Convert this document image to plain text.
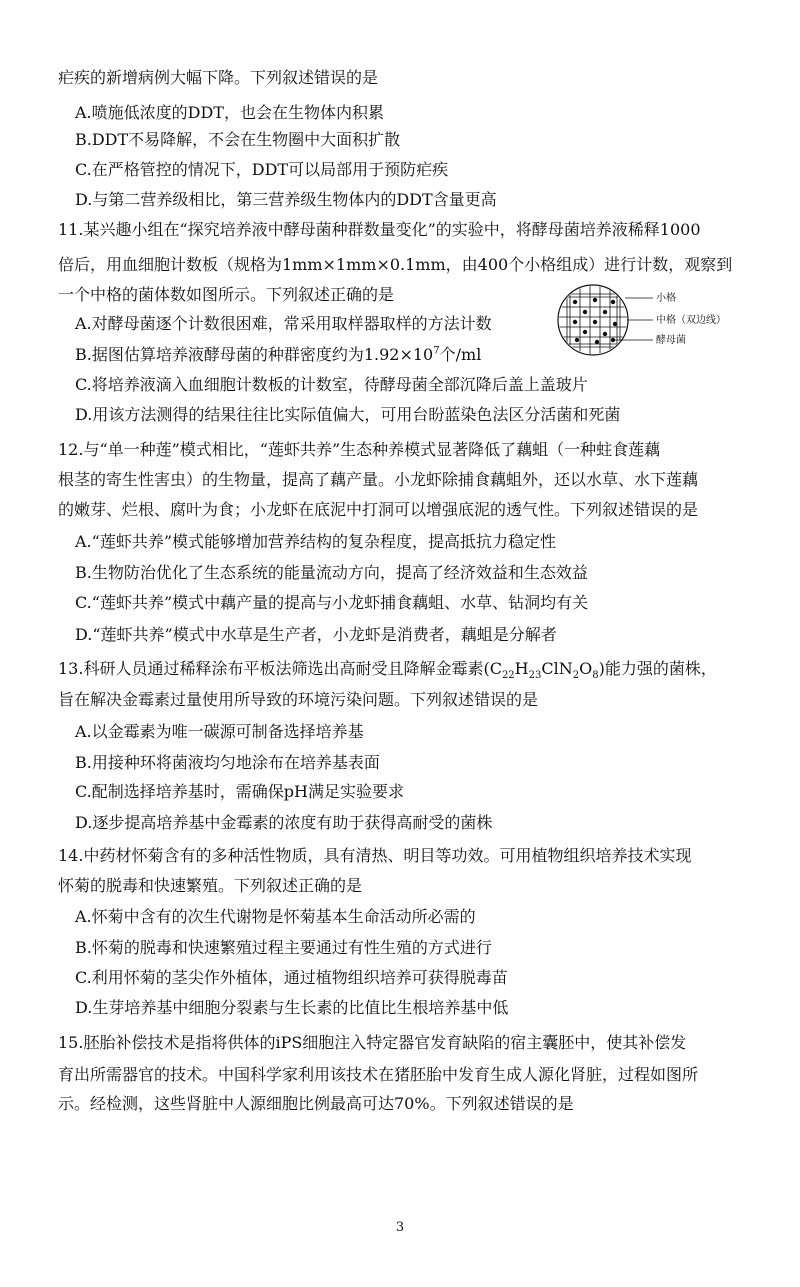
疟疾的新增病例大幅下降。下列叙述错误的是
A.喷施低浓度的DDT，也会在生物体内积累
B.DDT不易降解，不会在生物圈中大面积扩散
C.在严格管控的情况下，DDT可以局部用于预防疟疾
D.与第二营养级相比，第三营养级生物体内的DDT含量更高
11.某兴趣小组在“探究培养液中酵母菌种群数量变化”的实验中，将酵母菌培养液稀释1000
倍后，用血细胞计数板（规格为1mm×1mm×0.1mm，由400个小格组成）进行计数，观察到
一个中格的菌体数如图所示。下列叙述正确的是
A.对酵母菌逐个计数很困难，常采用取样器取样的方法计数
B.据图估算培养液酵母菌的种群密度约为$1.92\times 10^7$个/ml
C.将培养液滴入血细胞计数板的计数室，待酵母菌全部沉降后盖上盖玻片
D.用该方法测得的结果往往比实际值偏大，可用台盼蓝染色法区分活菌和死菌
小格
中格（双边线）
酵母菌
12.与“单一种莲”模式相比，“莲虾共养”生态种养模式显著降低了藕蛆（一种蛀食莲藕
根茎的寄生性害虫）的生物量，提高了藕产量。小龙虾除捕食藕蛆外，还以水草、水下莲藕
的嫩芽、烂根、腐叶为食；小龙虾在底泥中打洞可以增强底泥的透气性。下列叙述错误的是
A.“莲虾共养”模式能够增加营养结构的复杂程度，提高抵抗力稳定性
B.生物防治优化了生态系统的能量流动方向，提高了经济效益和生态效益
C.“莲虾共养”模式中藕产量的提高与小龙虾捕食藕蛆、水草、钻洞均有关
D.“莲虾共养”模式中水草是生产者，小龙虾是消费者，藕蛆是分解者
13.科研人员通过稀释涂布平板法筛选出高耐受且降解金霉素$(C_{22}H_{23}ClN_2O_8)$能力强的菌株，
旨在解决金霉素过量使用所导致的环境污染问题。下列叙述错误的是
A.以金霉素为唯一碳源可制备选择培养基
B.用接种环将菌液均匀地涂布在培养基表面
C.配制选择培养基时，需确保pH满足实验要求
D.逐步提高培养基中金霉素的浓度有助于获得高耐受的菌株
14.中药材怀菊含有的多种活性物质，具有清热、明目等功效。可用植物组织培养技术实现
怀菊的脱毒和快速繁殖。下列叙述正确的是
A.怀菊中含有的次生代谢物是怀菊基本生命活动所必需的
B.怀菊的脱毒和快速繁殖过程主要通过有性生殖的方式进行
C.利用怀菊的茎尖作外植体，通过植物组织培养可获得脱毒苗
D.生芽培养基中细胞分裂素与生长素的比值比生根培养基中低
15.胚胎补偿技术是指将供体的iPS细胞注入特定器官发育缺陷的宿主囊胚中，使其补偿发
育出所需器官的技术。中国科学家利用该技术在猪胚胎中发育生成人源化肾脏，过程如图所
示。经检测，这些肾脏中人源细胞比例最高可达70%。下列叙述错误的是
3
